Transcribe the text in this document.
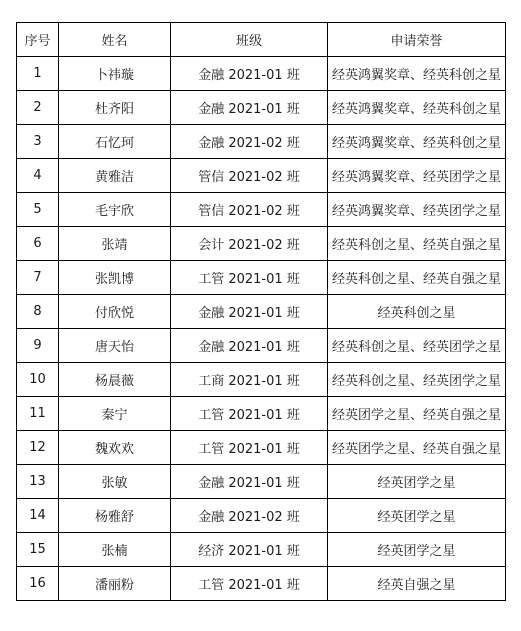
序号	姓名	班级	申请荣誉
1	卜祎璇	金融 2021-01 班	经英鸿翼奖章、经英科创之星
2	杜齐阳	金融 2021-01 班	经英鸿翼奖章、经英科创之星
3	石忆珂	金融 2021-02 班	经英鸿翼奖章、经英科创之星
4	黄雅洁	管信 2021-02 班	经英鸿翼奖章、经英团学之星
5	毛宇欣	管信 2021-02 班	经英鸿翼奖章、经英团学之星
6	张靖	会计 2021-02 班	经英科创之星、经英自强之星
7	张凯博	工管 2021-01 班	经英科创之星、经英自强之星
8	付欣悦	金融 2021-01 班	经英科创之星
9	唐天怡	金融 2021-01 班	经英科创之星、经英团学之星
10	杨晨薇	工商 2021-01 班	经英科创之星、经英团学之星
11	秦宁	工管 2021-01 班	经英团学之星、经英自强之星
12	魏欢欢	工管 2021-01 班	经英团学之星、经英自强之星
13	张敏	金融 2021-01 班	经英团学之星
14	杨雅舒	金融 2021-02 班	经英团学之星
15	张楠	经济 2021-01 班	经英团学之星
16	潘丽粉	工管 2021-01 班	经英自强之星
